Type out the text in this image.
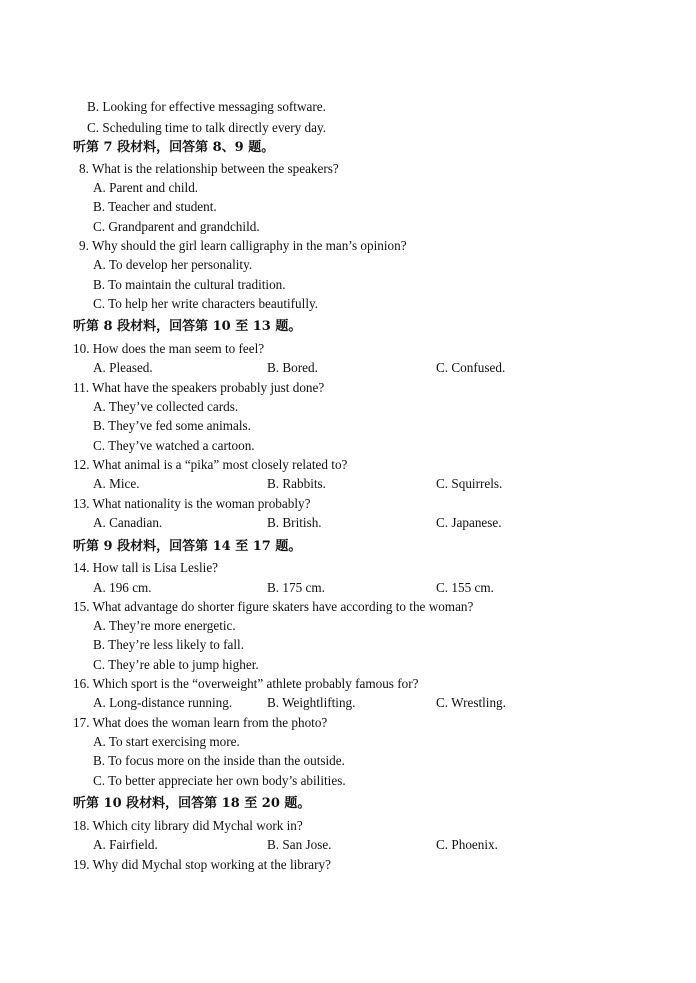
B. Looking for effective messaging software.
C. Scheduling time to talk directly every day.
听第 7 段材料，回答第 8、9 题。
8. What is the relationship between the speakers?
A. Parent and child.
B. Teacher and student.
C. Grandparent and grandchild.
9. Why should the girl learn calligraphy in the man’s opinion?
A. To develop her personality.
B. To maintain the cultural tradition.
C. To help her write characters beautifully.
听第 8 段材料，回答第 10 至 13 题。
10. How does the man seem to feel?
A. Pleased.	B. Bored.	C. Confused.
11. What have the speakers probably just done?
A. They’ve collected cards.
B. They’ve fed some animals.
C. They’ve watched a cartoon.
12. What animal is a “pika” most closely related to?
A. Mice.	B. Rabbits.	C. Squirrels.
13. What nationality is the woman probably?
A. Canadian.	B. British.	C. Japanese.
听第 9 段材料，回答第 14 至 17 题。
14. How tall is Lisa Leslie?
A. 196 cm.	B. 175 cm.	C. 155 cm.
15. What advantage do shorter figure skaters have according to the woman?
A. They’re more energetic.
B. They’re less likely to fall.
C. They’re able to jump higher.
16. Which sport is the “overweight” athlete probably famous for?
A. Long-distance running.	B. Weightlifting.	C. Wrestling.
17. What does the woman learn from the photo?
A. To start exercising more.
B. To focus more on the inside than the outside.
C. To better appreciate her own body’s abilities.
听第 10 段材料，回答第 18 至 20 题。
18. Which city library did Mychal work in?
A. Fairfield.	B. San Jose.	C. Phoenix.
19. Why did Mychal stop working at the library?
